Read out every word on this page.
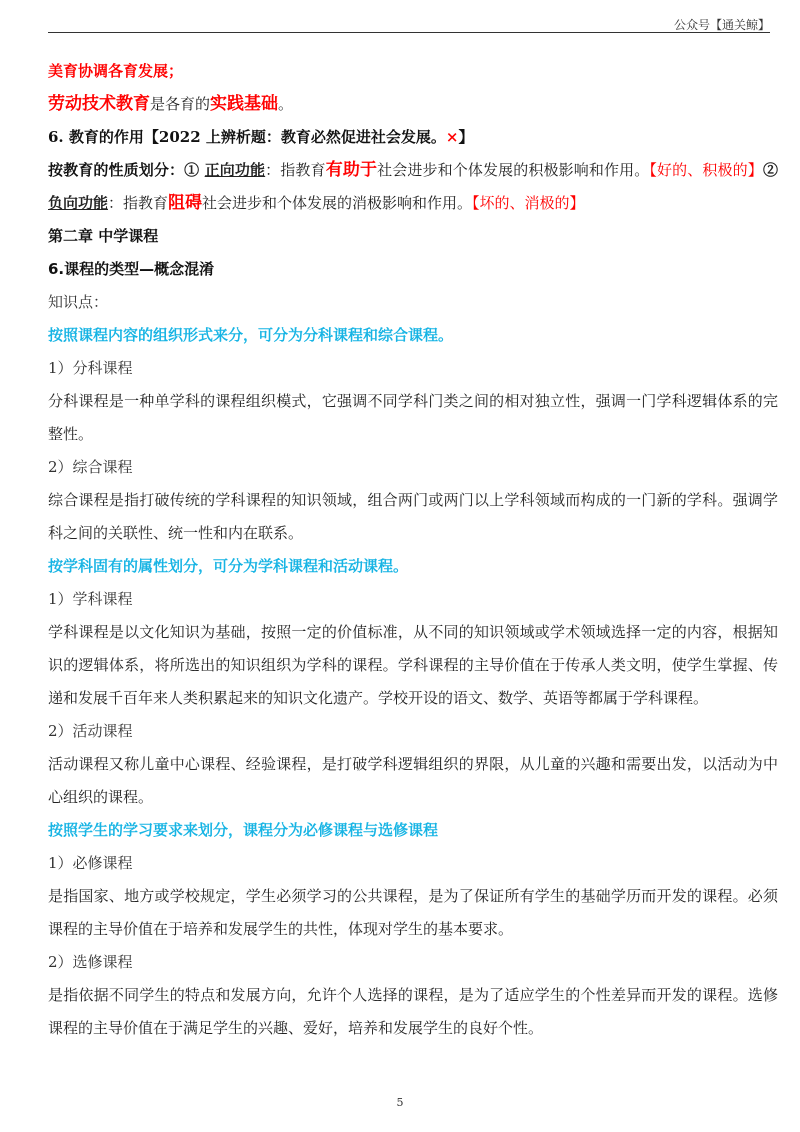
公众号【通关鲸】

美育协调各育发展；

劳动技术教育是各育的实践基础。

6. 教育的作用【2022 上辨析题：教育必然促进社会发展。×】

按教育的性质划分：① 正向功能：指教育有助于社会进步和个体发展的积极影响和作用。【好的、积极的】② 负向功能：指教育阻碍社会进步和个体发展的消极影响和作用。【坏的、消极的】

第二章 中学课程

6.课程的类型—概念混淆

知识点：

按照课程内容的组织形式来分，可分为分科课程和综合课程。

1）分科课程

分科课程是一种单学科的课程组织模式，它强调不同学科门类之间的相对独立性，强调一门学科逻辑体系的完整性。

2）综合课程

综合课程是指打破传统的学科课程的知识领域，组合两门或两门以上学科领域而构成的一门新的学科。强调学科之间的关联性、统一性和内在联系。

按学科固有的属性划分，可分为学科课程和活动课程。

1）学科课程

学科课程是以文化知识为基础，按照一定的价值标准，从不同的知识领域或学术领域选择一定的内容，根据知识的逻辑体系，将所选出的知识组织为学科的课程。学科课程的主导价值在于传承人类文明，使学生掌握、传递和发展千百年来人类积累起来的知识文化遗产。学校开设的语文、数学、英语等都属于学科课程。

2）活动课程

活动课程又称儿童中心课程、经验课程，是打破学科逻辑组织的界限，从儿童的兴趣和需要出发，以活动为中心组织的课程。

按照学生的学习要求来划分，课程分为必修课程与选修课程

1）必修课程

是指国家、地方或学校规定，学生必须学习的公共课程，是为了保证所有学生的基础学历而开发的课程。必须课程的主导价值在于培养和发展学生的共性，体现对学生的基本要求。

2）选修课程

是指依据不同学生的特点和发展方向，允许个人选择的课程，是为了适应学生的个性差异而开发的课程。选修课程的主导价值在于满足学生的兴趣、爱好，培养和发展学生的良好个性。

5
